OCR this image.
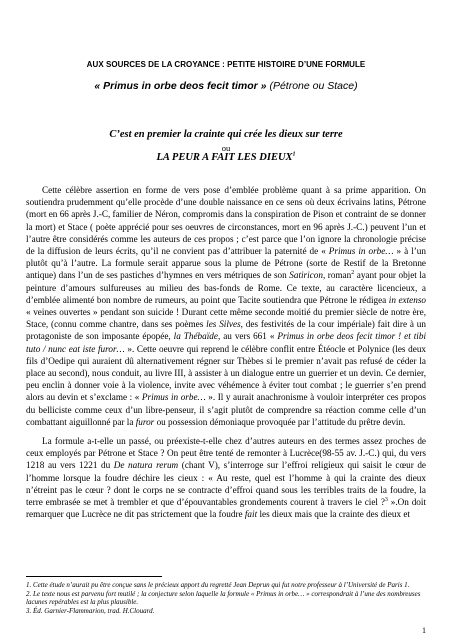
AUX SOURCES DE LA CROYANCE : PETITE HISTOIRE D’UNE FORMULE
« Primus in orbe deos fecit timor » (Pétrone ou Stace)
C’est en premier la crainte qui crée les dieux sur terre
ou
LA PEUR A FAIT LES DIEUX$^1$

Cette célèbre assertion en forme de vers pose d’emblée problème quant à sa prime apparition. On soutiendra prudemment qu’elle procède d’une double naissance en ce sens où deux écrivains latins, Pétrone (mort en 66 après J.-C, familier de Néron, compromis dans la conspiration de Pison et contraint de se donner la mort) et Stace ( poète apprécié pour ses oeuvres de circonstances, mort en 96 après J.-C.) peuvent l’un et l’autre être considérés comme les auteurs de ces propos ; c’est parce que l’on ignore la chronologie précise de la diffusion de leurs écrits, qu’il ne convient pas d’attribuer la paternité de « Primus in orbe… » à l’un plutôt qu’à l’autre. La formule serait apparue sous la plume de Pétrone (sorte de Restif de la Bretonne antique) dans l’un de ses pastiches d’hymnes en vers métriques de son Satiricon, roman$^2$ ayant pour objet la peinture d’amours sulfureuses au milieu des bas-fonds de Rome. Ce texte, au caractère licencieux, a d’emblée alimenté bon nombre de rumeurs, au point que Tacite soutiendra que Pétrone le rédigea in extenso « veines ouvertes » pendant son suicide ! Durant cette même seconde moitié du premier siècle de notre ère, Stace, (connu comme chantre, dans ses poèmes les Silves, des festivités de la cour impériale) fait dire à un protagoniste de son imposante épopée, la Thébaïde, au vers 661 « Primus in orbe deos fecit timor ! et tibi tuto / nunc eat iste furor… ». Cette oeuvre qui reprend le célèbre conflit entre Étéocle et Polynice (les deux fils d’Oedipe qui auraient dû alternativement régner sur Thèbes si le premier n’avait pas refusé de céder la place au second), nous conduit, au livre III, à assister à un dialogue entre un guerrier et un devin. Ce dernier, peu enclin à donner voie à la violence, invite avec véhémence à éviter tout combat ; le guerrier s’en prend alors au devin et s’exclame : « Primus in orbe… ». Il y aurait anachronisme à vouloir interpréter ces propos du belliciste comme ceux d’un libre-penseur, il s’agit plutôt de comprendre sa réaction comme celle d’un combattant aiguillonné par la furor ou possession démoniaque provoquée par l’attitude du prêtre devin.

La formule a-t-elle un passé, ou préexiste-t-elle chez d’autres auteurs en des termes assez proches de ceux employés par Pétrone et Stace ? On peut être tenté de remonter à Lucrèce(98-55 av. J.-C.) qui, du vers 1218 au vers 1221 du De natura rerum (chant V), s’interroge sur l’effroi religieux qui saisit le cœur de l’homme lorsque la foudre déchire les cieux : « Au reste, quel est l’homme à qui la crainte des dieux n’étreint pas le cœur ? dont le corps ne se contracte d’effroi quand sous les terribles traits de la foudre, la terre embrasée se met à trembler et que d’épouvantables grondements courent à travers le ciel ?$^3$ ».On doit remarquer que Lucrèce ne dit pas strictement que la foudre fait les dieux mais que la crainte des dieux et

1. Cette étude n’aurait pu être conçue sans le précieux apport du regretté Jean Deprun qui fut notre professeur à l’Université de Paris 1.
2. Le texte nous est parvenu fort mutilé ; la conjecture selon laquelle la formule « Primus in orbe… » correspondrait à l’une des nombreuses lacunes repérables est la plus plausible.
3. Éd. Garnier-Flammarion, trad. H.Clouard.
1
